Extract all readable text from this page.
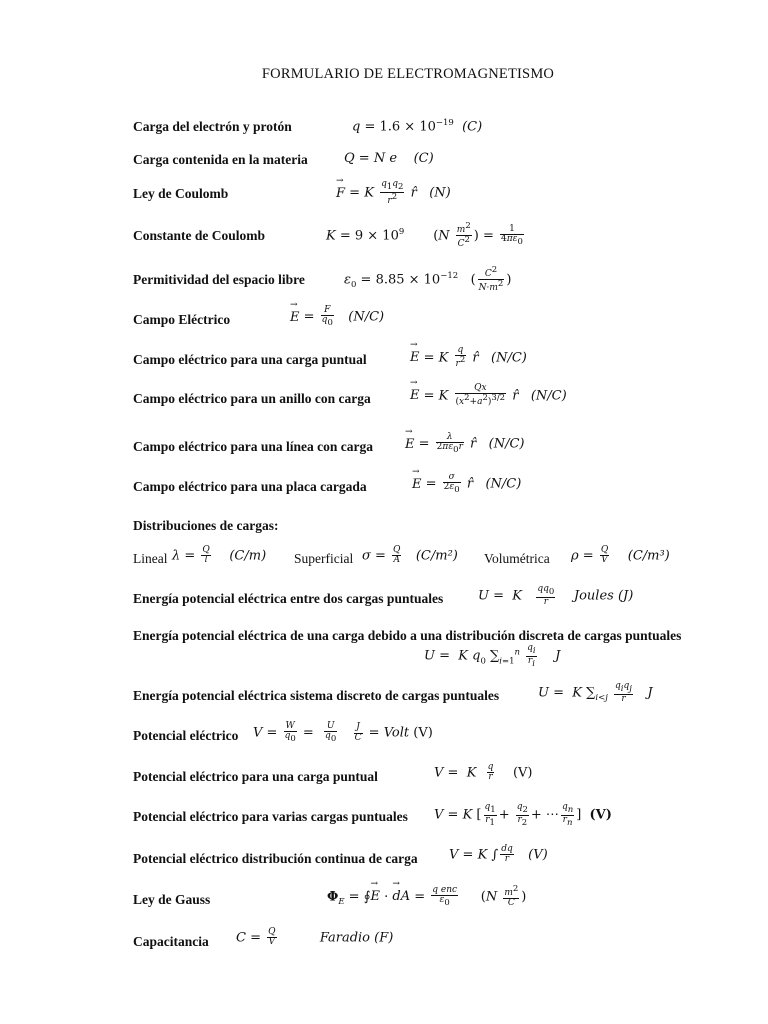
FORMULARIO DE ELECTROMAGNETISMO
Carga del electrón y protón	$q = 1.6 \times 10^{-19}$ (C)
Carga contenida en la materia	Q = N e (C)
Ley de Coulomb	→ F = K $\frac{q_1q_2}{r^2}$ r̂ (N)
Constante de Coulomb	$K = 9 \times 10^9$       ($N \frac{m^2}{C^2}$ ) = $\frac{1}{4\pi\varepsilon_0}$
Permitividad del espacio libre	$\varepsilon_0 = 8.85 \times 10^{-12}$   ( $\frac{C^2}{N\cdot m^2}$ )
Campo Eléctrico	→ $E = \frac{F}{q_0} (N/C)$
Campo eléctrico para una carga puntual	→ E = K $\frac{q}{r^2}$ r̂ (N/C)
Campo eléctrico para un anillo con carga	→ E = K $\frac{Qx}{(x^2+a^2)^{3/2}}$ r̂ (N/C)
Campo eléctrico para una línea con carga → $E = \frac{\lambda}{2\pi\varepsilon_0r}$ r̂ (N/C)
Campo eléctrico para una placa cargada	→ $E = \frac{\sigma}{2\varepsilon_0}$ r̂ (N/C)
Distribuciones de cargas:
Lineal $\lambda = \frac{Q}{l} (C/m)$ Superficial $\sigma = \frac{Q}{A} (C/m^2)$ Volumétrica $\rho = \frac{Q}{V} (C/m^3)$
Energía potencial eléctrica entre dos cargas puntuales	U =  K $\frac{qq_0}{r}$ Joules (J)
Energía potencial eléctrica de una carga debido a una distribución discreta de cargas puntuales
U =  K $q_0$ $\sum_{i=1}^n \frac{q_i}{r_i}$ J
Energía potencial eléctrica sistema discreto de cargas puntuales	U =  K $\sum_{i<j} \frac{q_iq_j}{r}$ J
Potencial eléctrico $V = \frac{W}{q_0} = \frac{U}{q_0}$
$\frac{J}{C}$ = Volt (V)
Potencial eléctrico para una carga puntual	V =  K $\frac{q}{r} (V)$
Potencial eléctrico para varias cargas puntuales V = K [ $\frac{q_1}{r_1} + \frac{q_2}{r_2}$ + ⋯ $\frac{q_n}{r_n}$ ]  (V)
Potencial eléctrico distribución continua de carga V = K ∫ $\frac{dq}{r} (V)$
Ley de Gauss	$\Phi_E$ = ∮→ E · → dA = $\frac{\text{q enc}}{\varepsilon_0} (N \frac{m^2}{C}$ )
Capacitancia $C = \frac{Q}{V}$	Faradio (F)
